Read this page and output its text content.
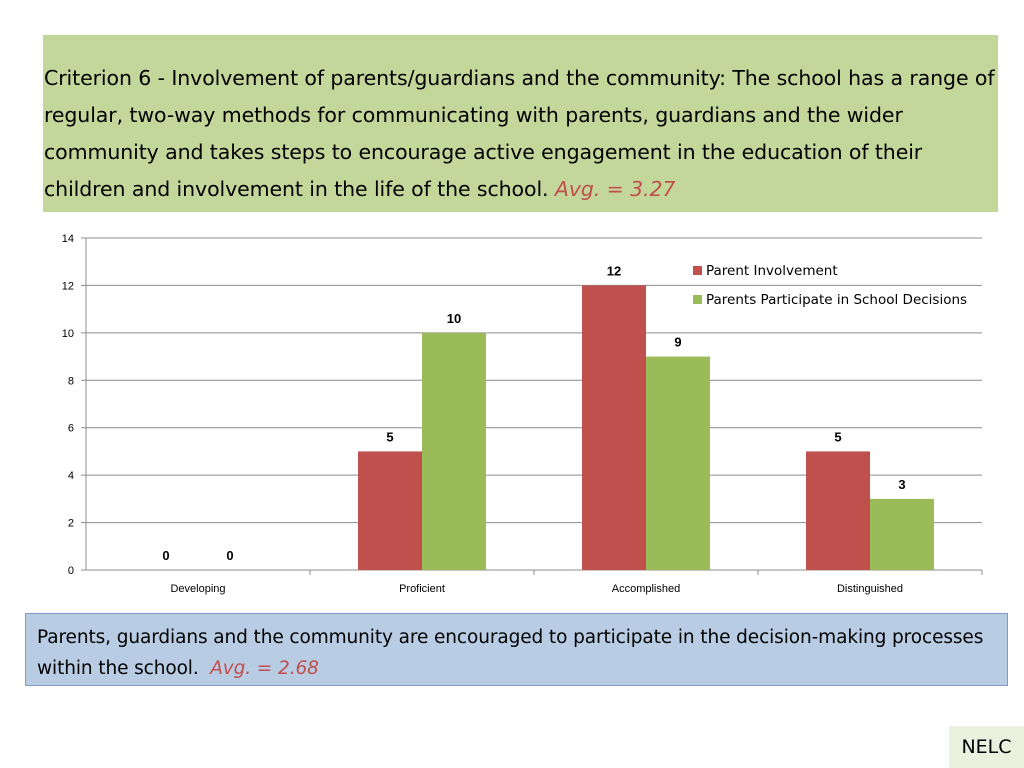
Criterion 6 - Involvement of parents/guardians and the community: The school has a range of regular, two-way methods for communicating with parents, guardians and the wider community and takes steps to encourage active engagement in the education of their children and involvement in the life of the school. Avg. = 3.27
0
2
4
6
8
10
12
14
Developing
0	0
Proficient
5
10
Accomplished
12
9
Distinguished
5
3
Parent Involvement
Parents Participate in School Decisions
Parents, guardians and the community are encouraged to participate in the decision-making processes within the school. Avg. = 2.68
NELC
